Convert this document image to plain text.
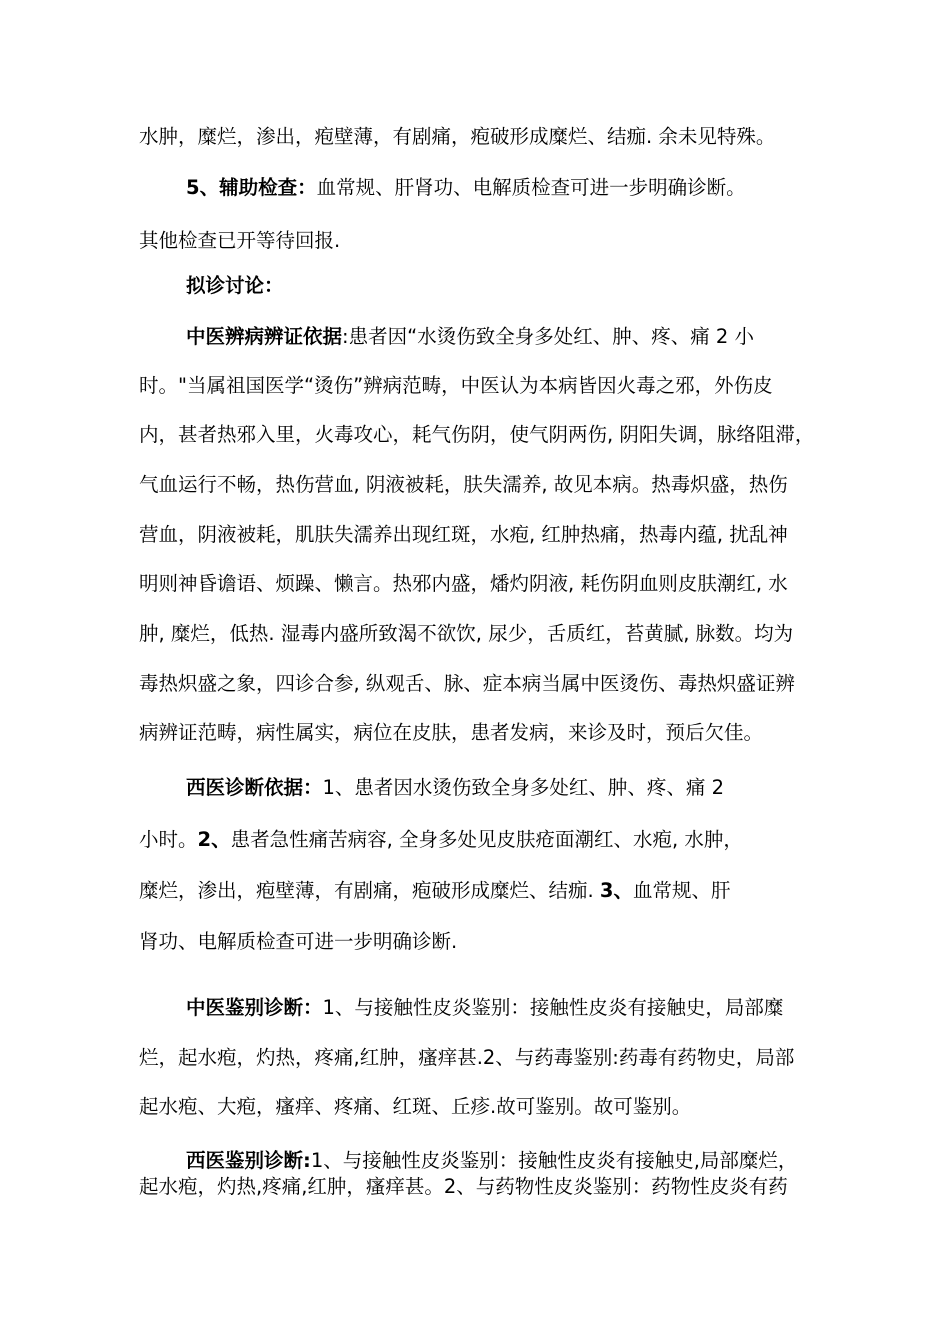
水肿，糜烂，渗出，疱壁薄，有剧痛，疱破形成糜烂、结痂. 余未见特殊。
5、辅助检查：血常规、肝肾功、电解质检查可进一步明确诊断。
其他检查已开等待回报.
拟诊讨论：
中医辨病辨证依据:患者因“水烫伤致全身多处红、肿、疼、痛 2 小
时。"当属祖国医学“烫伤”辨病范畴，中医认为本病皆因火毒之邪，外伤皮
内，甚者热邪入里，火毒攻心，耗气伤阴，使气阴两伤, 阴阳失调，脉络阻滞，
气血运行不畅，热伤营血, 阴液被耗，肤失濡养, 故见本病。热毒炽盛，热伤
营血，阴液被耗，肌肤失濡养出现红斑，水疱, 红肿热痛，热毒内蕴, 扰乱神
明则神昏谵语、烦躁、懒言。热邪内盛，燔灼阴液, 耗伤阴血则皮肤潮红, 水
肿, 糜烂，低热. 湿毒内盛所致渴不欲饮, 尿少，舌质红，苔黄腻, 脉数。均为
毒热炽盛之象，四诊合参, 纵观舌、脉、症本病当属中医烫伤、毒热炽盛证辨
病辨证范畴，病性属实，病位在皮肤，患者发病，来诊及时，预后欠佳。
西医诊断依据：1、患者因水烫伤致全身多处红、肿、疼、痛 2
小时。2、患者急性痛苦病容, 全身多处见皮肤疮面潮红、水疱, 水肿，
糜烂，渗出，疱壁薄，有剧痛，疱破形成糜烂、结痂. 3、血常规、肝
肾功、电解质检查可进一步明确诊断.
中医鉴别诊断：1、与接触性皮炎鉴别：接触性皮炎有接触史，局部糜
烂，起水疱，灼热，疼痛,红肿，瘙痒甚.2、与药毒鉴别:药毒有药物史，局部
起水疱、大疱，瘙痒、疼痛、红斑、丘疹.故可鉴别。故可鉴别。
西医鉴别诊断:1、与接触性皮炎鉴别：接触性皮炎有接触史,局部糜烂，
起水疱，灼热,疼痛,红肿，瘙痒甚。2、与药物性皮炎鉴别：药物性皮炎有药
